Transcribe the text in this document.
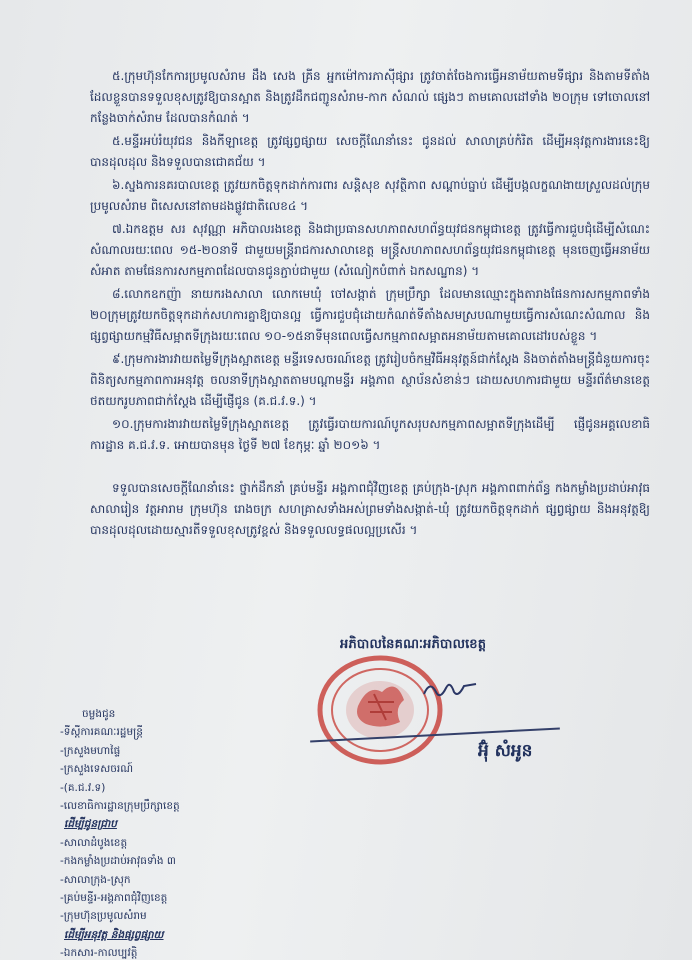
៥.ក្រុមហ៊ុនកែការប្រមូលសំរាម ដឹង សេង គ្រីន អ្នកម៉ៅការភាសុីផ្សារ ត្រូវចាត់ចែងការធ្វើអនាម័យតាមទីផ្សារ និងតាមទីតាំងដែលខ្លួនបានទទួលខុសត្រូវឱ្យបានស្អាត និងត្រូវដឹកជញ្ជូនសំរាម-កាក សំណល់ ផ្សេងៗ តាមគោលដៅទាំង ២០ក្រុម ទៅចោលនៅកន្លែងចាក់សំរាម ដែលបានកំណត់ ។

៥.មន្ទីរអប់រំយុវជន និងកីឡាខេត្ត ត្រូវផ្សព្វផ្សាយ សេចក្តីណែនាំនេះ ជូនដល់ សាលាគ្រប់កំរិត ដើម្បីអនុវត្តការងារនេះឱ្យបានដុលដុល និងទទួលបានជោគជ័យ ។

៦.ស្នងការនគរបាលខេត្ត ត្រូវយកចិត្តទុកដាក់ការពារ សន្តិសុខ សុវត្ថិភាព សណ្តាប់ធ្នាប់ ដើម្បីបង្កលក្ខណងាយស្រួលដល់ក្រុមប្រមូលសំរាម ពិសេសនៅតាមដងផ្លូវជាតិលេខ៤ ។

៧.ឯកឧត្តម សរ សុវណ្ណា អភិបាលរងខេត្ត និងជាប្រធានសហភាពសហព័ន្ធយុវជនកម្ពុជាខេត្ត ត្រូវធ្វើការជួបជុំដើម្បីសំណេះសំណាលរយៈពេល ១៥-២០នាទី ជាមួយមន្ត្រីរាជការសាលាខេត្ត មន្ត្រីសហភាពសហព័ន្ធយុវជនកម្ពុជាខេត្ត មុនចេញធ្វើអនាម័យសំអាត តាមផែនការសកម្មភាពដែលបានជូនភ្ជាប់ជាមួយ (សំណៀកបំពាក់ ឯកសណ្ឋាន) ។

៨.លោកឧកញ៉ា នាយករងសាលា លោកមេឃុំ ចៅសង្កាត់ ក្រុមប្រឹក្សា ដែលមានឈ្មោះក្នុងតារាងផែនការសកម្មភាពទាំង ២០ក្រុមត្រូវយកចិត្តទុកដាក់សហការគ្នាឱ្យបានល្អ ធ្វើការជួបជុំដោយកំណត់ទីតាំងសមស្របណាមួយធ្វើការសំណេះសំណាល និង ផ្សព្វផ្សាយកម្មវិធីសម្អាតទីក្រុងរយៈពេល ១០-១៥នាទីមុនពេលធ្វើសកម្មភាពសម្អាតអនាម័យតាមគោលដៅរបស់ខ្លួន ។

៩.ក្រុមការងារវាយតម្លៃទីក្រុងស្អាតខេត្ត មន្ទីរទេសចរណ៍ខេត្ត ត្រូវរៀបចំកម្មវិធីអនុវត្តន៍ជាក់ស្តែង និងចាត់តាំងមន្ត្រីជំនួយការចុះពិនិត្យសកម្មភាពការអនុវត្ត ចលនាទីក្រុងស្អាតតាមបណ្តាមន្ទីរ អង្គភាព ស្ថាប័នសំខាន់ៗ ដោយសហការជាមួយ មន្ទីរព័ត៌មានខេត្ត ថតយករូបភាពជាក់ស្តែង ដើម្បីផ្ញើជូន (គ.ជ.វ.ទ.) ។

១០.ក្រុមការងារវាយតម្លៃទីក្រុងស្អាតខេត្ត ត្រូវធ្វើរបាយការណ៍បូកសរុបសកម្មភាពសម្អាតទីក្រុងដើម្បី ផ្ញើជូនអគ្គលេខាធិការដ្ឋាន គ.ជ.វ.ទ. អោយបានមុន ថ្ងៃទី ២៧ ខែកុម្ភៈ ឆ្នាំ ២០១៦ ។

ទទួលបានសេចក្តីណែនាំនេះ ថ្នាក់ដឹកនាំ គ្រប់មន្ទីរ អង្គភាពជុំវិញខេត្ត គ្រប់ក្រុង-ស្រុក អង្គភាពពាក់ព័ន្ធ កងកម្លាំងប្រដាប់អាវុធ សាលារៀន វត្តអារាម ក្រុមហ៊ុន រោងចក្រ សហគ្រាសទាំងអស់ព្រមទាំងសង្កាត់-ឃុំ ត្រូវយកចិត្តទុកដាក់ ផ្សព្វផ្សាយ និងអនុវត្តឱ្យបានដុលដុលដោយស្មារតីទទួលខុសត្រូវខ្ពស់ និងទទួលលទ្ធផលល្អប្រសើរ ។

អភិបាលនៃគណៈអភិបាលខេត្ត
អ៊ុំ សំអូន
ចម្លងជូន
-ទីស្តីការគណៈរដ្ឋមន្ត្រី
-ក្រសួងមហាផ្ទៃ
-ក្រសួងទេសចរណ៍
-(គ.ជ.វ.ទ)
-លេខាធិការដ្ឋានក្រុមប្រឹក្សាខេត្ត
ដើម្បីជូនជ្រាប
-សាលាដំបូងខេត្ត
-កងកម្លាំងប្រដាប់អាវុធទាំង ៣
-សាលាក្រុង-ស្រុក
-គ្រប់មន្ទីរ-អង្គភាពជុំវិញខេត្ត
-ក្រុមហ៊ុនប្រមូលសំរាម
ដើម្បីអនុវត្ត និងផ្សព្វផ្សាយ
-ឯកសារ-កាលប្បវត្តិ
